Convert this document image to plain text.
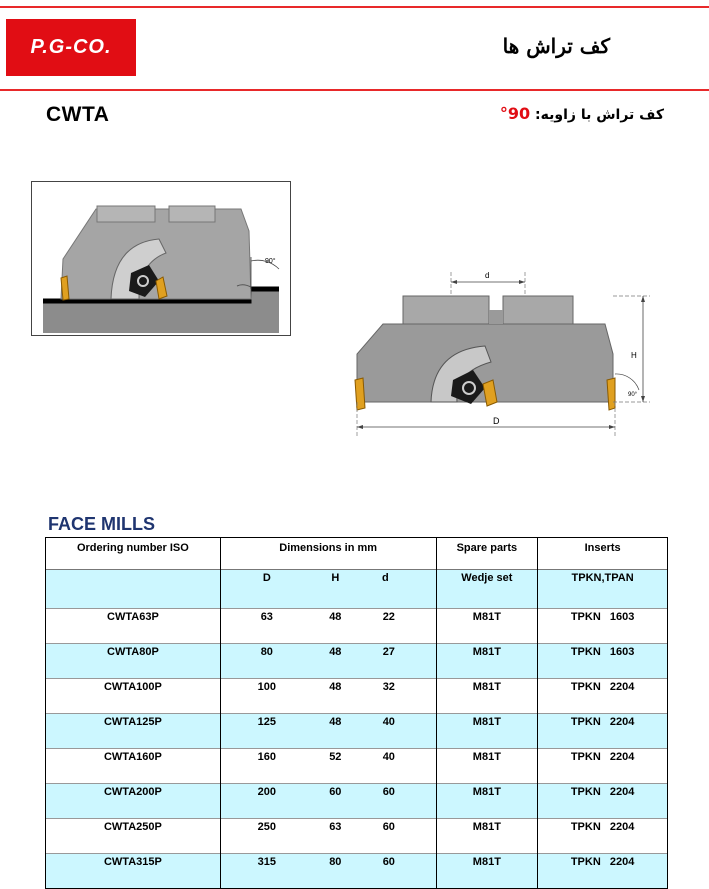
P.G-CO.	کف تراش ها
CWTA	کف تراش با زاویه: 90°
90°
d
H
90°
D
FACE MILLS
Ordering number ISO	Dimensions in mm	Spare parts	Inserts
	D H d	Wedje set	TPKN,TPAN
CWTA63P	63 48 22	M81T	TPKN   1603
CWTA80P	80 48 27	M81T	TPKN   1603
CWTA100P	100 48 32	M81T	TPKN   2204
CWTA125P	125 48 40	M81T	TPKN   2204
CWTA160P	160 52 40	M81T	TPKN   2204
CWTA200P	200 60 60	M81T	TPKN   2204
CWTA250P	250 63 60	M81T	TPKN   2204
CWTA315P	315 80 60	M81T	TPKN   2204
